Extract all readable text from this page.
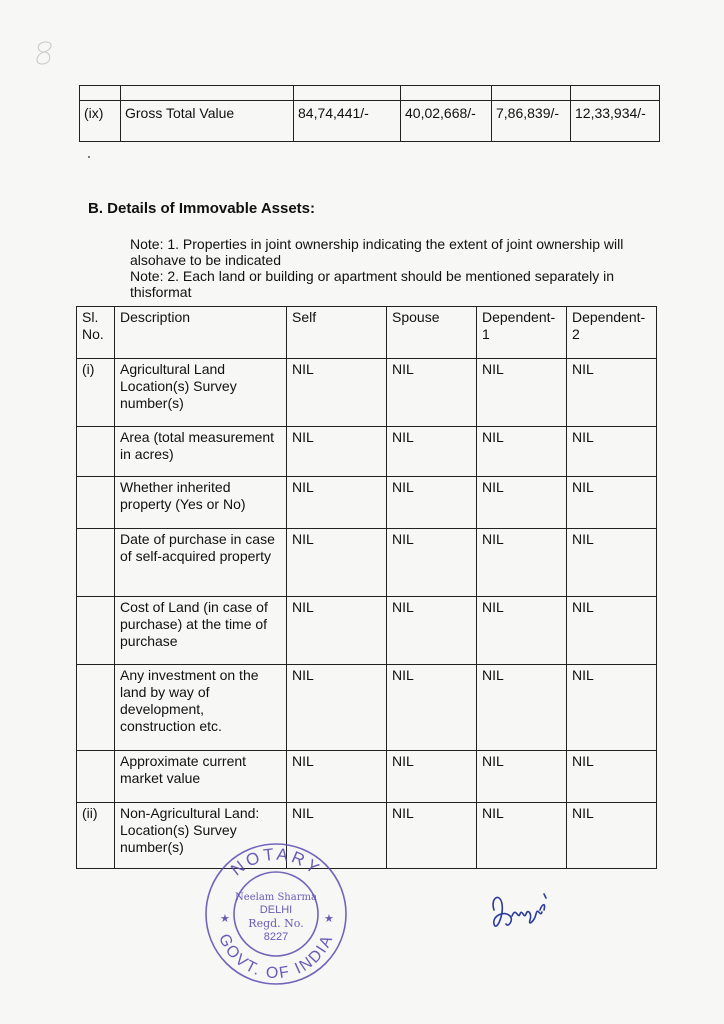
(ix)	Gross Total Value	84,74,441/-	40,02,668/-	7,86,839/-	12,33,934/-
B. Details of Immovable Assets:

Note: 1. Properties in joint ownership indicating the extent of joint ownership will alsohave to be indicated

Note: 2. Each land or building or apartment should be mentioned separately in thisformat

Sl. No.	Description	Self	Spouse	Dependent-1	Dependent-2
(i)	Agricultural Land Location(s) Survey number(s)	NIL	NIL	NIL	NIL
	Area (total measurement in acres)	NIL	NIL	NIL	NIL
	Whether inherited property (Yes or No)	NIL	NIL	NIL	NIL
	Date of purchase in case of self-acquired property	NIL	NIL	NIL	NIL
	Cost of Land (in case of purchase) at the time of purchase	NIL	NIL	NIL	NIL
	Any investment on the land by way of development, construction etc.	NIL	NIL	NIL	NIL
	Approximate current market value	NIL	NIL	NIL	NIL
(ii)	Non-Agricultural Land: Location(s) Survey number(s)	NIL	NIL	NIL	NIL
NOTARY
GOVT. OF INDIA
★	★
Neelam Sharma
DELHI
Regd. No.
8227
